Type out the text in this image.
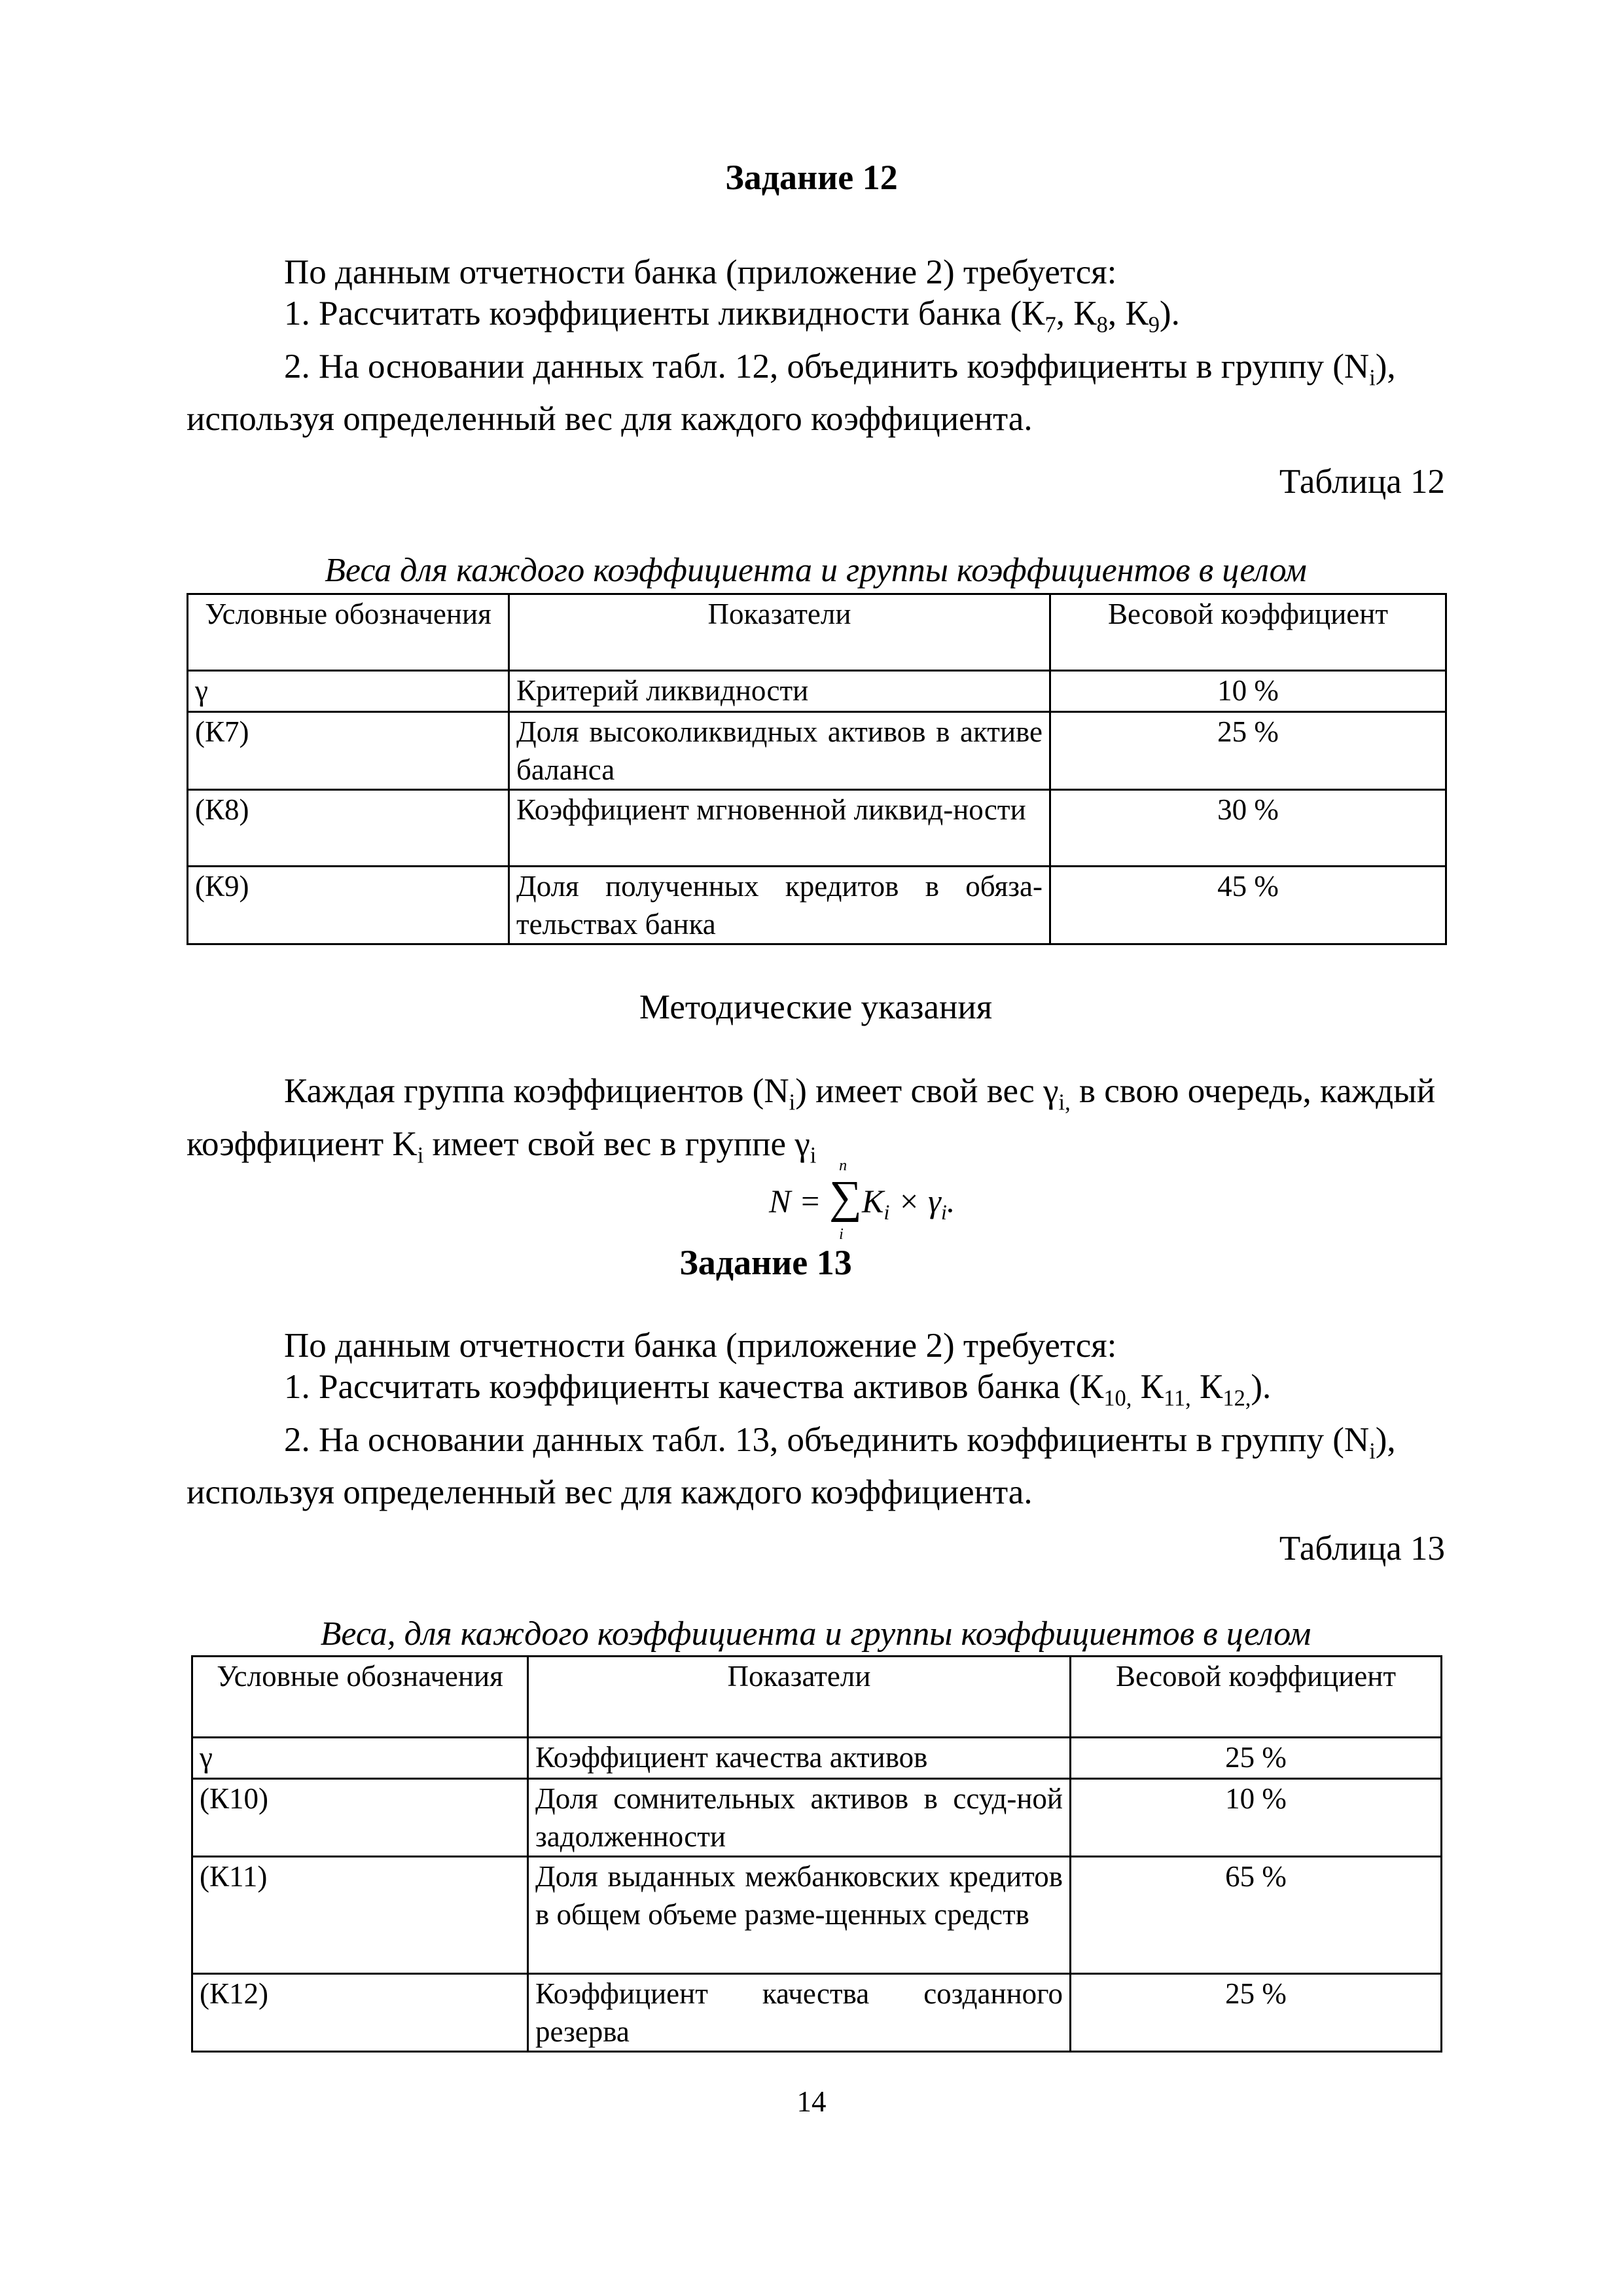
Задание 12
По данным отчетности банка (приложение 2) требуется:
1. Рассчитать коэффициенты ликвидности банка ($К_7$, $К_8$, $К_9$).
2. На основании данных табл. 12, объединить коэффициенты в группу $(N_i)$, используя определенный вес для каждого коэффициента.
Таблица 12
Веса для каждого коэффициента и группы коэффициентов в целом
Условные обозначения	Показатели	Весовой коэффициент
γ	Критерий ликвидности	10 %
(К7)	Доля высоколиквидных активов в активе баланса	25 %
(К8)	Коэффициент мгновенной ликвид-ности	30 %
(К9)	Доля полученных кредитов в обяза-тельствах банка	45 %
Методические указания
Каждая группа коэффициентов $(N_i)$ имеет свой вес $\gamma_{i,}$ в свою очередь, каждый коэффициент $K_i$ имеет свой вес в группе $\gamma_i$
N = ∑
n
i
$K_i \times \gamma_i$.
Задание 13
По данным отчетности банка (приложение 2) требуется:
1. Рассчитать коэффициенты качества активов банка ($К_{10,}$ $К_{11,}$ $К_{12,}$).
2. На основании данных табл. 13, объединить коэффициенты в группу $(N_i)$, используя определенный вес для каждого коэффициента.
Таблица 13
Веса, для каждого коэффициента и группы коэффициентов в целом
Условные обозначения	Показатели	Весовой коэффициент
γ	Коэффициент качества активов	25 %
(К10)	Доля сомнительных активов в ссуд-ной задолженности	10 %
(К11)	Доля выданных межбанковских кредитов в общем объеме разме-щенных средств	65 %
(К12)	Коэффициент качества созданного резерва	25 %
14
